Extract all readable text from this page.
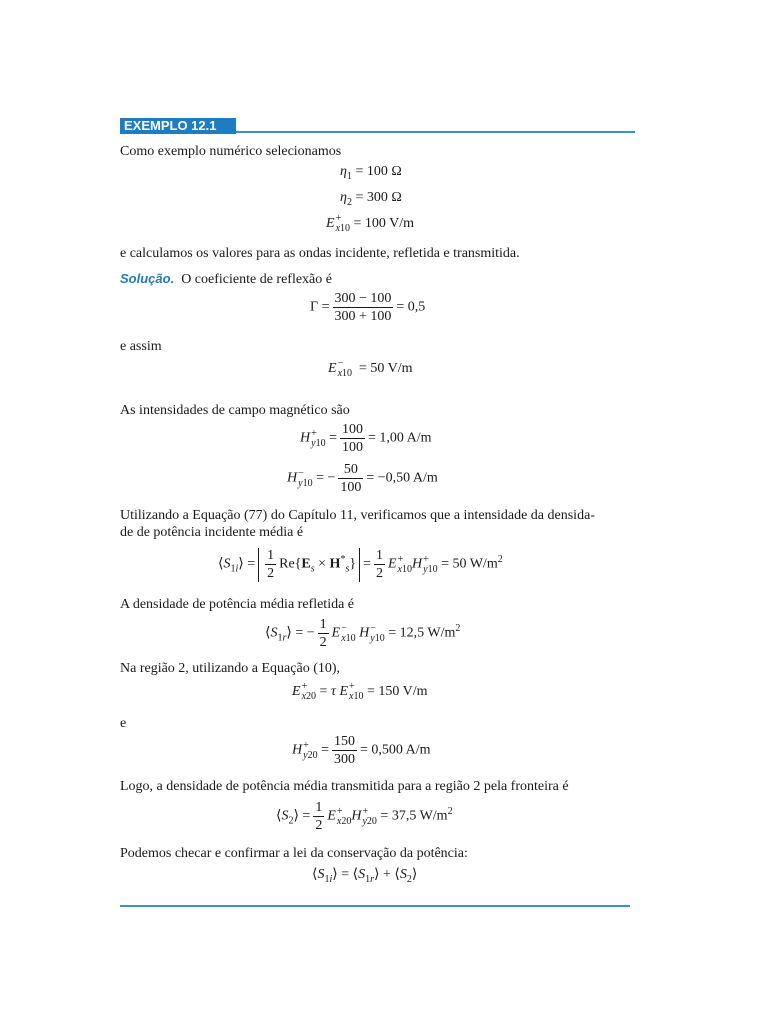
EXEMPLO 12.1
Como exemplo numérico selecionamos
$\eta_1 = 100$ Ω
$\eta_2 = 300$ Ω
E +
x10 = 100 V/m
e calculamos os valores para as ondas incidente, refletida e transmitida.
Solução. O coeficiente de reflexão é
$\Gamma = \frac{300 - 100}{300 + 100} = 0,5$
e assim
E −
x10 = 50 V/m
As intensidades de campo magnético são
H +
$y10 = \frac{100}{100} = 1,00$ A/m
H −
y10 = − $\frac{50}{100} = -0,50$ A/m
Utilizando a Equação (77) do Capítulo 11, verificamos que a intensidade da densida-
de de potência incidente média é
$⟨S_{1i}⟩ = \frac{1}{2} Re\{E_s \times H^*_s\} = \frac{1}{2}$ E +
x10 H +
y10 = 50 $W/m^2$
A densidade de potência média refletida é
$⟨S_{1r}⟩$ = − $\frac{1}{2}$ E −
x10 H −
y10 = 12,5 $W/m^2$
Na região 2, utilizando a Equação (10),
E +
x20 = τ E +
x10 = 150 V/m
e
H +
$y20 = \frac{150}{300} = 0,500$ A/m
Logo, a densidade de potência média transmitida para a região 2 pela fronteira é
$⟨S_2⟩ = \frac{1}{2}$ E +
x20 H +
y20 = 37,5 $W/m^2$
Podemos checar e confirmar a lei da conservação da potência:
$⟨S_{1i}⟩$ = $⟨S_{1r}⟩$ + $⟨S_2⟩$
